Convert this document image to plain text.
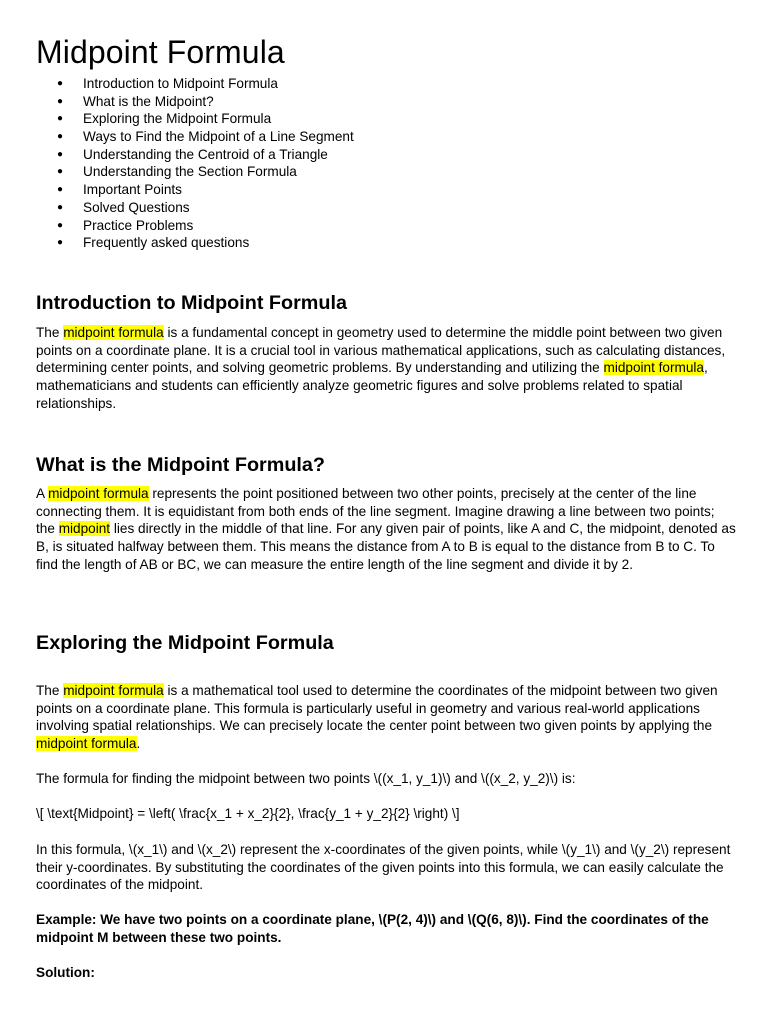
Midpoint Formula
● Introduction to Midpoint Formula
● What is the Midpoint?
● Exploring the Midpoint Formula
● Ways to Find the Midpoint of a Line Segment
● Understanding the Centroid of a Triangle
● Understanding the Section Formula
● Important Points
● Solved Questions
● Practice Problems
● Frequently asked questions
Introduction to Midpoint Formula

The midpoint formula is a fundamental concept in geometry used to determine the middle point between two given points on a coordinate plane. It is a crucial tool in various mathematical applications, such as calculating distances, determining center points, and solving geometric problems. By understanding and utilizing the midpoint formula, mathematicians and students can efficiently analyze geometric figures and solve problems related to spatial relationships.

What is the Midpoint Formula?

A midpoint formula represents the point positioned between two other points, precisely at the center of the line connecting them. It is equidistant from both ends of the line segment. Imagine drawing a line between two points; the midpoint lies directly in the middle of that line. For any given pair of points, like A and C, the midpoint, denoted as B, is situated halfway between them. This means the distance from A to B is equal to the distance from B to C. To find the length of AB or BC, we can measure the entire length of the line segment and divide it by 2.

Exploring the Midpoint Formula

The midpoint formula is a mathematical tool used to determine the coordinates of the midpoint between two given points on a coordinate plane. This formula is particularly useful in geometry and various real-world applications involving spatial relationships. We can precisely locate the center point between two given points by applying the midpoint formula.

The formula for finding the midpoint between two points \((x_1, y_1)\) and \((x_2, y_2)\) is:

\[ \text{Midpoint} = \left( \frac{x_1 + x_2}{2}, \frac{y_1 + y_2}{2} \right) \]

In this formula, \(x_1\) and \(x_2\) represent the x-coordinates of the given points, while \(y_1\) and \(y_2\) represent their y-coordinates. By substituting the coordinates of the given points into this formula, we can easily calculate the coordinates of the midpoint.

Example: We have two points on a coordinate plane, \(P(2, 4)\) and \(Q(6, 8)\). Find the coordinates of the midpoint M between these two points.

Solution:
